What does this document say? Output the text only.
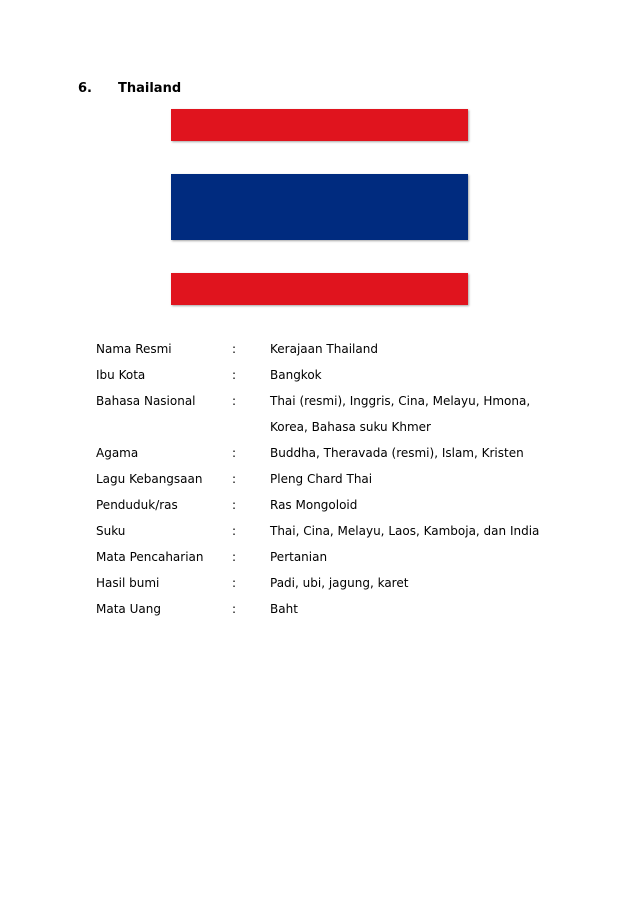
6. Thailand
Nama Resmi	:	Kerajaan Thailand
Ibu Kota	:	Bangkok
Bahasa Nasional	:	Thai (resmi), Inggris, Cina, Melayu, Hmona,
Korea, Bahasa suku Khmer
Agama	:	Buddha, Theravada (resmi), Islam, Kristen
Lagu Kebangsaan	:	Pleng Chard Thai
Penduduk/ras	:	Ras Mongoloid
Suku	:	Thai, Cina, Melayu, Laos, Kamboja, dan India
Mata Pencaharian	:	Pertanian
Hasil bumi	:	Padi, ubi, jagung, karet
Mata Uang	:	Baht
